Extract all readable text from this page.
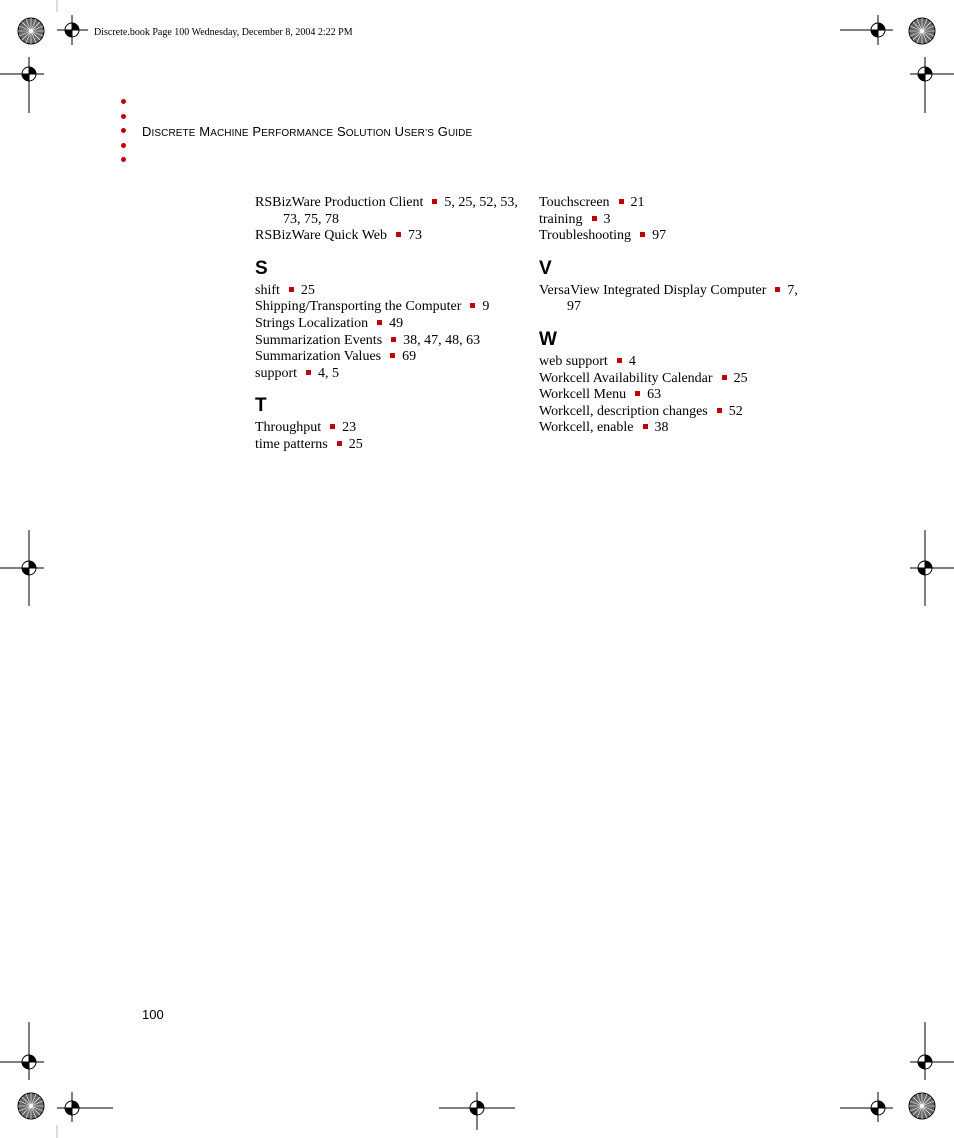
Discrete.book Page 100 Wednesday, December 8, 2004 2:22 PM
DISCRETE MACHINE PERFORMANCE SOLUTION USER’S GUIDE

RSBizWare Production Client 5, 25, 52, 53,
73, 75, 78

RSBizWare Quick Web 73

S

shift 25

Shipping/Transporting the Computer 9

Strings Localization 49

Summarization Events 38, 47, 48, 63

Summarization Values 69

support 4, 5

T

Throughput 23

time patterns 25

Touchscreen 21

training 3

Troubleshooting 97

V

VersaView Integrated Display Computer 7,
97

W

web support 4

Workcell Availability Calendar 25

Workcell Menu 63

Workcell, description changes 52

Workcell, enable 38

100
